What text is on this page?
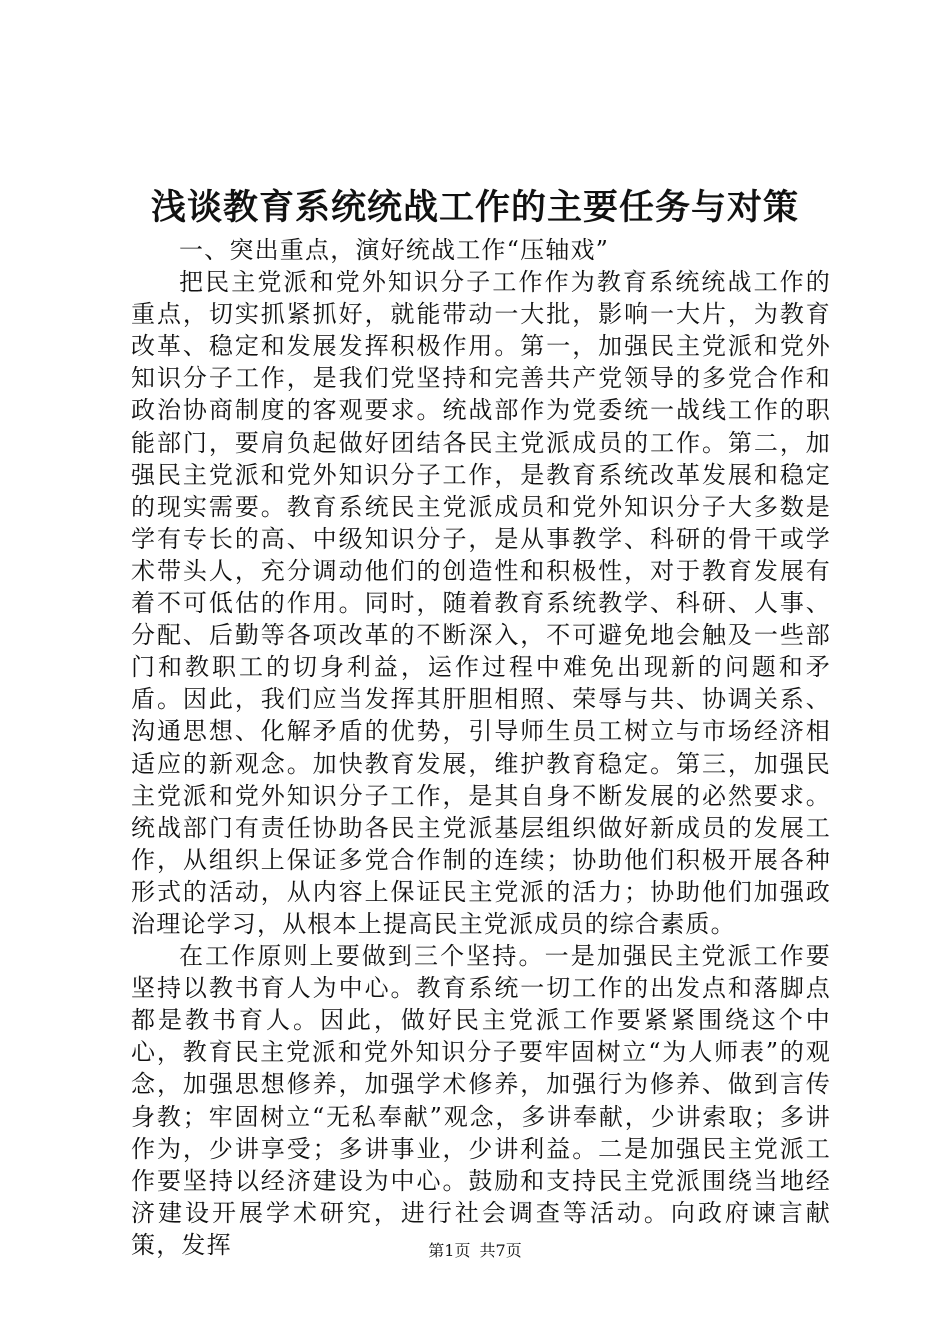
浅谈教育系统统战工作的主要任务与对策

一、突出重点，演好统战工作“压轴戏”

把民主党派和党外知识分子工作作为教育系统统战工作的重点，切实抓紧抓好，就能带动一大批，影响一大片，为教育改革、稳定和发展发挥积极作用。第一，加强民主党派和党外知识分子工作，是我们党坚持和完善共产党领导的多党合作和政治协商制度的客观要求。统战部作为党委统一战线工作的职能部门，要肩负起做好团结各民主党派成员的工作。第二，加强民主党派和党外知识分子工作，是教育系统改革发展和稳定的现实需要。教育系统民主党派成员和党外知识分子大多数是学有专长的高、中级知识分子，是从事教学、科研的骨干或学术带头人，充分调动他们的创造性和积极性，对于教育发展有着不可低估的作用。同时，随着教育系统教学、科研、人事、分配、后勤等各项改革的不断深入，不可避免地会触及一些部门和教职工的切身利益，运作过程中难免出现新的问题和矛盾。因此，我们应当发挥其肝胆相照、荣辱与共、协调关系、沟通思想、化解矛盾的优势，引导师生员工树立与市场经济相适应的新观念。加快教育发展，维护教育稳定。第三，加强民主党派和党外知识分子工作，是其自身不断发展的必然要求。统战部门有责任协助各民主党派基层组织做好新成员的发展工作，从组织上保证多党合作制的连续；协助他们积极开展各种形式的活动，从内容上保证民主党派的活力；协助他们加强政治理论学习，从根本上提高民主党派成员的综合素质。

在工作原则上要做到三个坚持。一是加强民主党派工作要坚持以教书育人为中心。教育系统一切工作的出发点和落脚点都是教书育人。因此，做好民主党派工作要紧紧围绕这个中心，教育民主党派和党外知识分子要牢固树立“为人师表”的观念，加强思想修养，加强学术修养，加强行为修养、做到言传身教；牢固树立“无私奉献”观念，多讲奉献，少讲索取；多讲作为，少讲享受；多讲事业，少讲利益。二是加强民主党派工作要坚持以经济建设为中心。鼓励和支持民主党派围绕当地经济建设开展学术研究，进行社会调查等活动。向政府谏言献策，发挥	第1页 共7页
